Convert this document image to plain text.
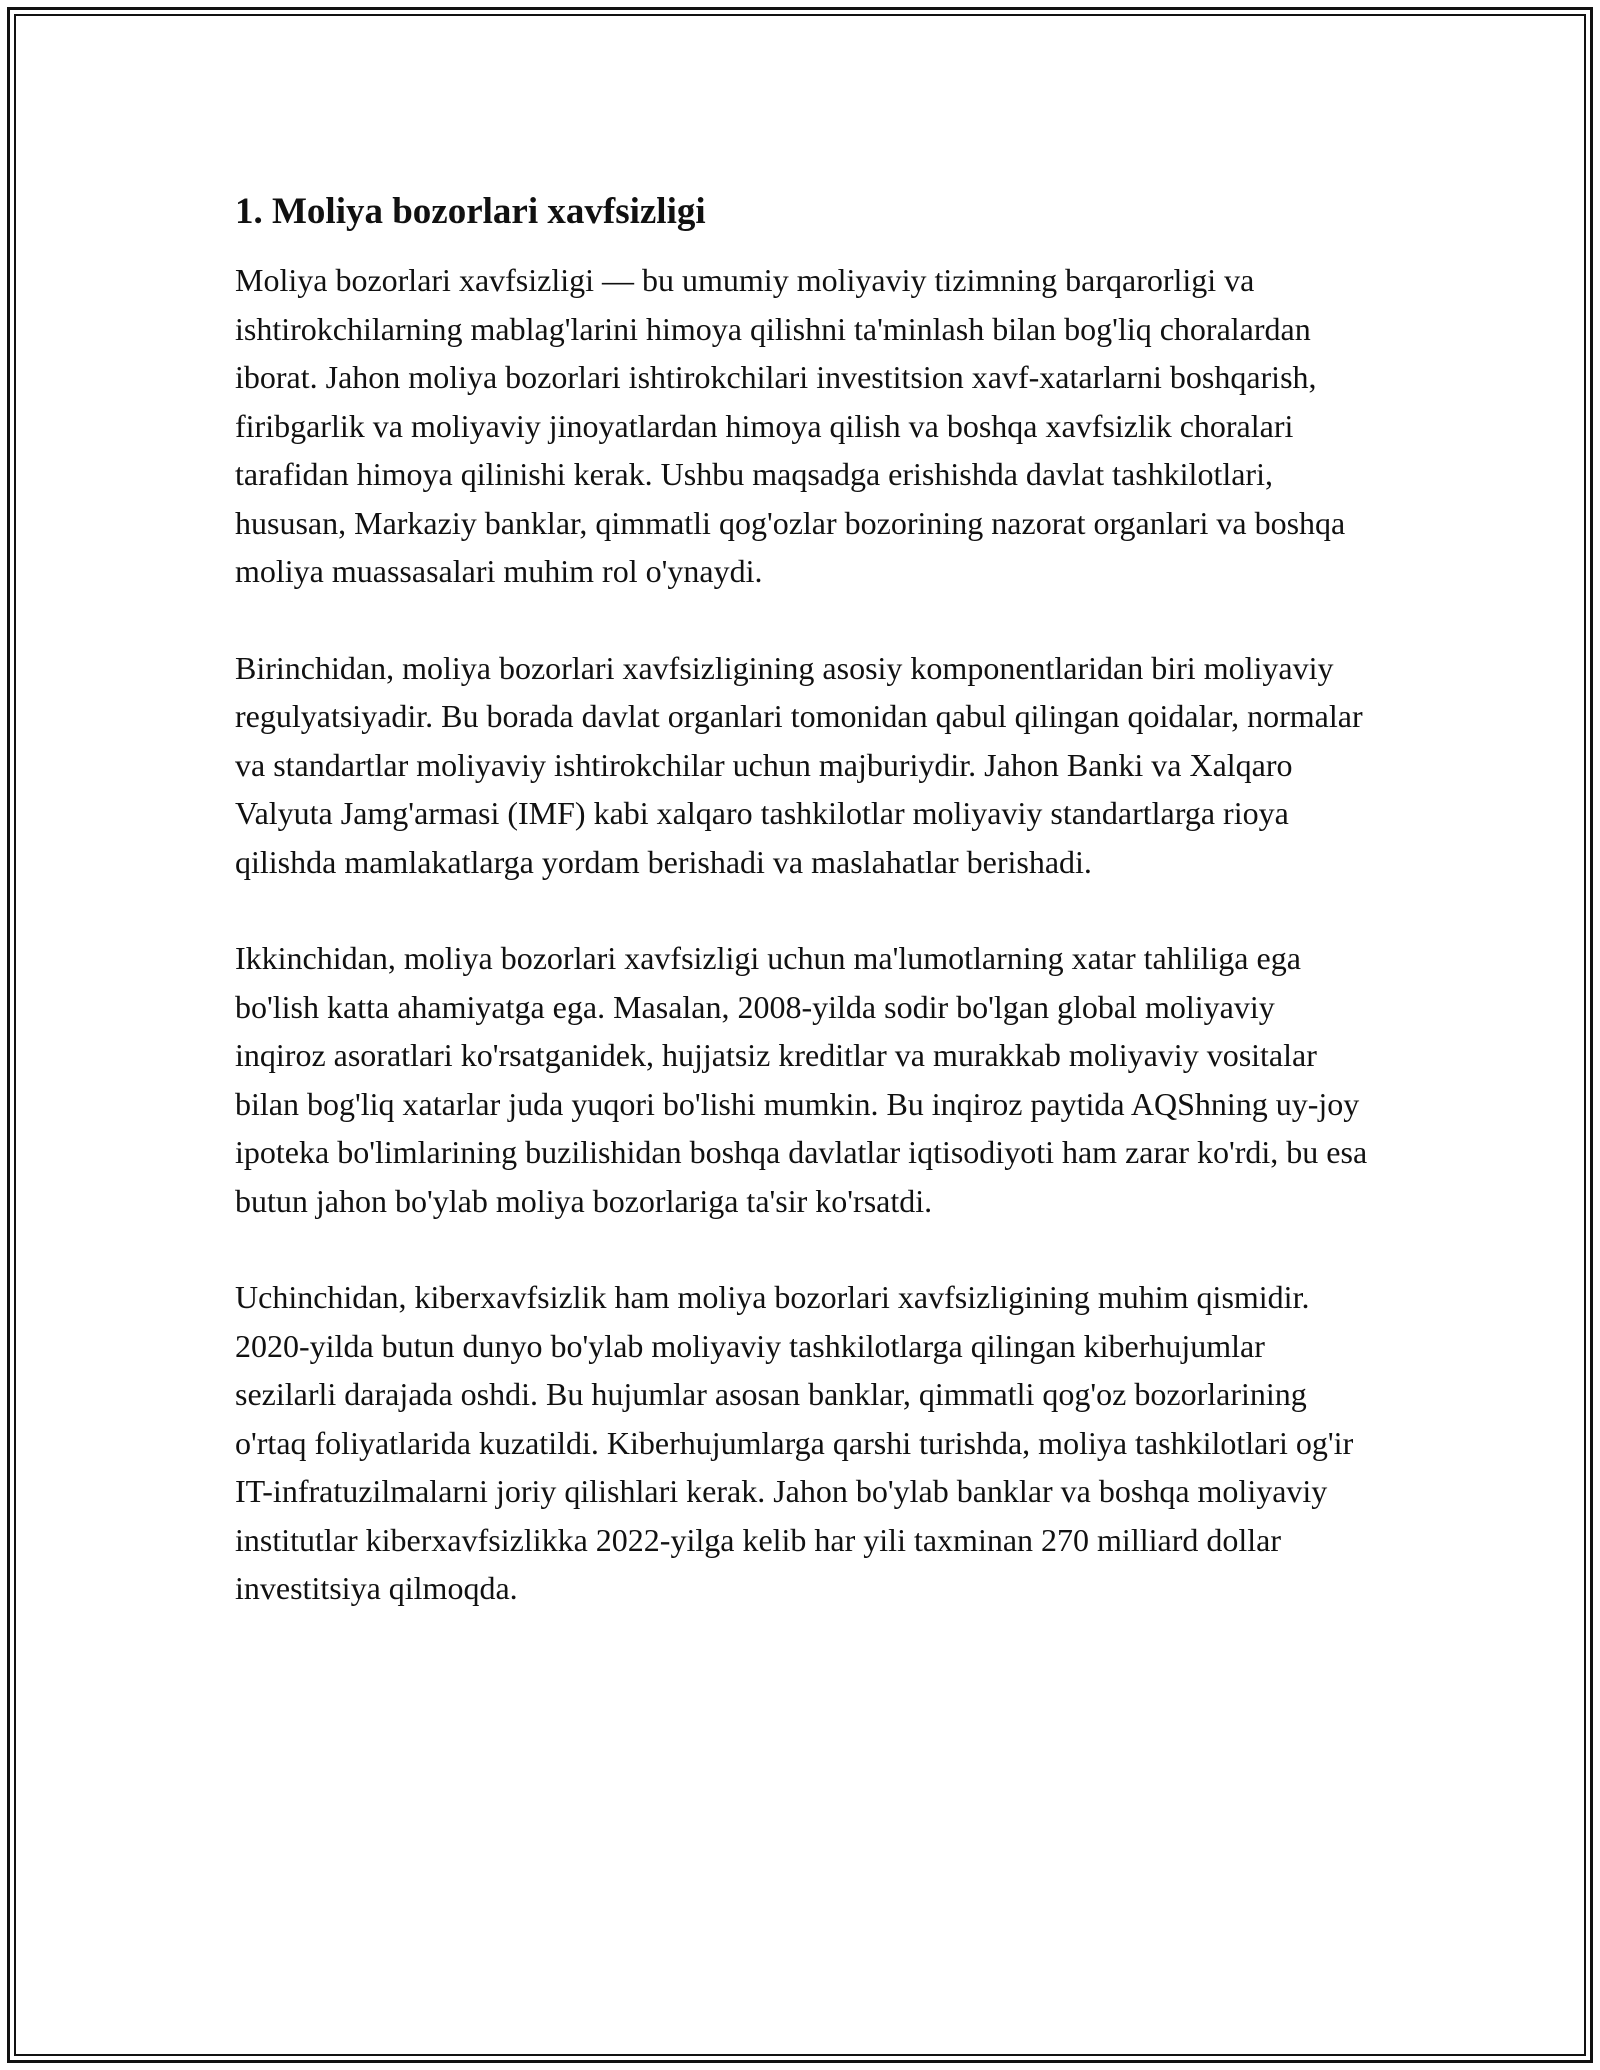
1. Moliya bozorlari xavfsizligi

Moliya bozorlari xavfsizligi — bu umumiy moliyaviy tizimning barqarorligi va ishtirokchilarning mablag'larini himoya qilishni ta'minlash bilan bog'liq choralardan iborat. Jahon moliya bozorlari ishtirokchilari investitsion xavf-xatarlarni boshqarish, firibgarlik va moliyaviy jinoyatlardan himoya qilish va boshqa xavfsizlik choralari tarafidan himoya qilinishi kerak. Ushbu maqsadga erishishda davlat tashkilotlari, hususan, Markaziy banklar, qimmatli qog'ozlar bozorining nazorat organlari va boshqa moliya muassasalari muhim rol o'ynaydi.

Birinchidan, moliya bozorlari xavfsizligining asosiy komponentlaridan biri moliyaviy regulyatsiyadir. Bu borada davlat organlari tomonidan qabul qilingan qoidalar, normalar va standartlar moliyaviy ishtirokchilar uchun majburiydir. Jahon Banki va Xalqaro Valyuta Jamg'armasi (IMF) kabi xalqaro tashkilotlar moliyaviy standartlarga rioya qilishda mamlakatlarga yordam berishadi va maslahatlar berishadi.

Ikkinchidan, moliya bozorlari xavfsizligi uchun ma'lumotlarning xatar tahliliga ega bo'lish katta ahamiyatga ega. Masalan, 2008-yilda sodir bo'lgan global moliyaviy inqiroz asoratlari ko'rsatganidek, hujjatsiz kreditlar va murakkab moliyaviy vositalar bilan bog'liq xatarlar juda yuqori bo'lishi mumkin. Bu inqiroz paytida AQShning uy-joy ipoteka bo'limlarining buzilishidan boshqa davlatlar iqtisodiyoti ham zarar ko'rdi, bu esa butun jahon bo'ylab moliya bozorlariga ta'sir ko'rsatdi.

Uchinchidan, kiberxavfsizlik ham moliya bozorlari xavfsizligining muhim qismidir. 2020-yilda butun dunyo bo'ylab moliyaviy tashkilotlarga qilingan kiberhujumlar sezilarli darajada oshdi. Bu hujumlar asosan banklar, qimmatli qog'oz bozorlarining o'rtaq foliyatlarida kuzatildi. Kiberhujumlarga qarshi turishda, moliya tashkilotlari og'ir IT-infratuzilmalarni joriy qilishlari kerak. Jahon bo'ylab banklar va boshqa moliyaviy institutlar kiberxavfsizlikka 2022-yilga kelib har yili taxminan 270 milliard dollar investitsiya qilmoqda.
